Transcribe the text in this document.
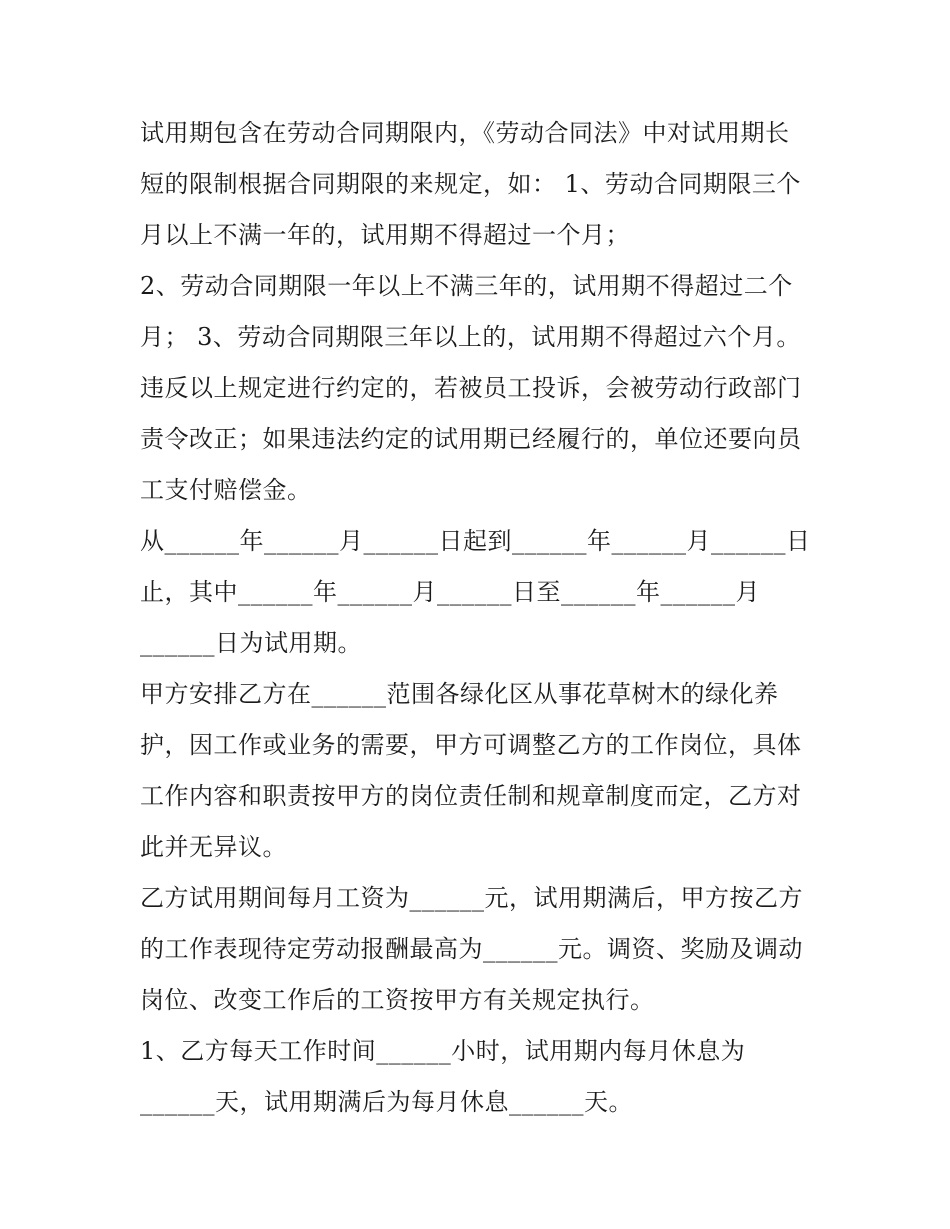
试用期包含在劳动合同期限内，《劳动合同法》中对试用期长
短的限制根据合同期限的来规定，如： 1、劳动合同期限三个
月以上不满一年的，试用期不得超过一个月；
2、劳动合同期限一年以上不满三年的，试用期不得超过二个
月； 3、劳动合同期限三年以上的，试用期不得超过六个月。
违反以上规定进行约定的，若被员工投诉，会被劳动行政部门
责令改正；如果违法约定的试用期已经履行的，单位还要向员
工支付赔偿金。
从______年______月______日起到______年______月______日
止，其中______年______月______日至______年______月
______日为试用期。
甲方安排乙方在______范围各绿化区从事花草树木的绿化养
护，因工作或业务的需要，甲方可调整乙方的工作岗位，具体
工作内容和职责按甲方的岗位责任制和规章制度而定，乙方对
此并无异议。
乙方试用期间每月工资为______元，试用期满后，甲方按乙方
的工作表现待定劳动报酬最高为______元。调资、奖励及调动
岗位、改变工作后的工资按甲方有关规定执行。
1、乙方每天工作时间______小时，试用期内每月休息为
______天，试用期满后为每月休息______天。
